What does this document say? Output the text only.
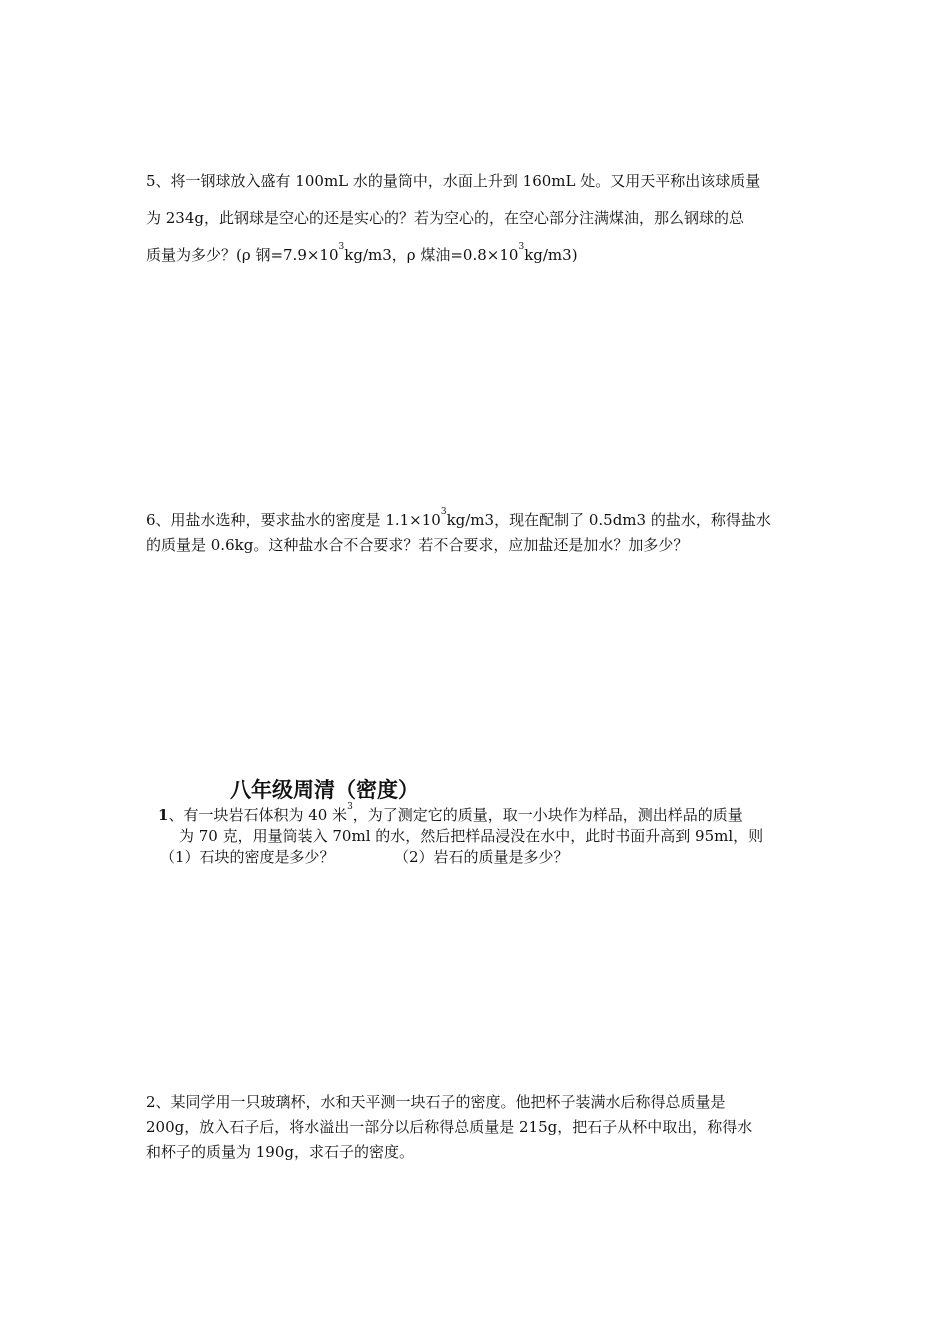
5、将一钢球放入盛有 100mL 水的量筒中，水面上升到 160mL 处。又用天平称出该球质量
为 234g，此钢球是空心的还是实心的？若为空心的，在空心部分注满煤油，那么钢球的总
质量为多少？(ρ 钢$=7.9\times 10^3kg/m3$，ρ 煤油$=0.8\times 10^3kg/m3$)
6、用盐水选种，要求盐水的密度是 $1.1\times 10^3kg/m3$，现在配制了 0.5dm3 的盐水，称得盐水
的质量是 0.6kg。这种盐水合不合要求？若不合要求，应加盐还是加水？加多少？
八年级周清（密度）
1、有一块岩石体积为 40 米$^3$，为了测定它的质量，取一小块作为样品，测出样品的质量
为 70 克，用量筒装入 70ml 的水，然后把样品浸没在水中，此时书面升高到 95ml，则
（1）石块的密度是多少？	（2）岩石的质量是多少？
2、某同学用一只玻璃杯，水和天平测一块石子的密度。他把杯子装满水后称得总质量是
200g，放入石子后，将水溢出一部分以后称得总质量是 215g，把石子从杯中取出，称得水
和杯子的质量为 190g，求石子的密度。
